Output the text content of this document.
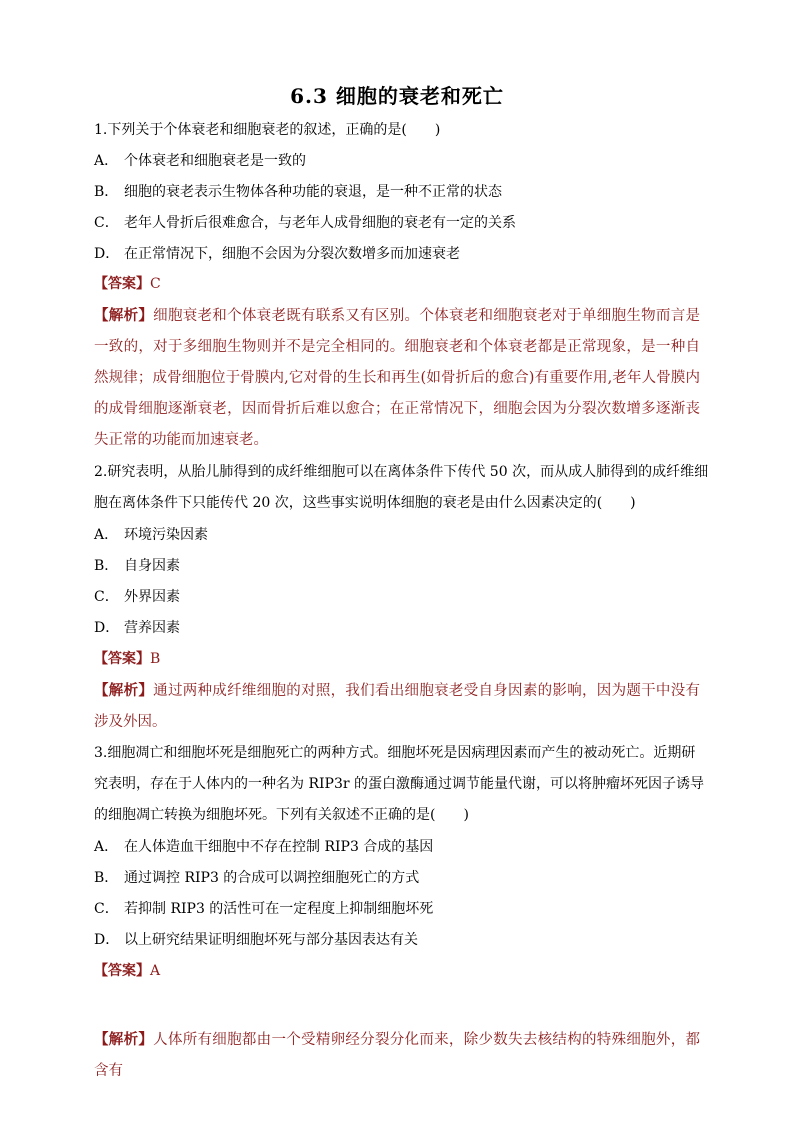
6.3 细胞的衰老和死亡
1.下列关于个体衰老和细胞衰老的叙述，正确的是(　　)
A． 个体衰老和细胞衰老是一致的
B． 细胞的衰老表示生物体各种功能的衰退，是一种不正常的状态
C． 老年人骨折后很难愈合，与老年人成骨细胞的衰老有一定的关系
D． 在正常情况下，细胞不会因为分裂次数增多而加速衰老
【答案】C
【解析】细胞衰老和个体衰老既有联系又有区别。个体衰老和细胞衰老对于单细胞生物而言是一致的，对于多细胞生物则并不是完全相同的。细胞衰老和个体衰老都是正常现象，是一种自然规律；成骨细胞位于骨膜内,它对骨的生长和再生(如骨折后的愈合)有重要作用,老年人骨膜内的成骨细胞逐渐衰老，因而骨折后难以愈合；在正常情况下，细胞会因为分裂次数增多逐渐丧失正常的功能而加速衰老。
2.研究表明，从胎儿肺得到的成纤维细胞可以在离体条件下传代 50 次，而从成人肺得到的成纤维细
胞在离体条件下只能传代 20 次，这些事实说明体细胞的衰老是由什么因素决定的(　　)
A． 环境污染因素
B． 自身因素
C． 外界因素
D． 营养因素
【答案】B
【解析】通过两种成纤维细胞的对照，我们看出细胞衰老受自身因素的影响，因为题干中没有涉及外因。
3.细胞凋亡和细胞坏死是细胞死亡的两种方式。细胞坏死是因病理因素而产生的被动死亡。近期研
究表明，存在于人体内的一种名为 RIP3r 的蛋白激酶通过调节能量代谢，可以将肿瘤坏死因子诱导
的细胞凋亡转换为细胞坏死。下列有关叙述不正确的是(　　)
A． 在人体造血干细胞中不存在控制 RIP3 合成的基因
B． 通过调控 RIP3 的合成可以调控细胞死亡的方式
C． 若抑制 RIP3 的活性可在一定程度上抑制细胞坏死
D． 以上研究结果证明细胞坏死与部分基因表达有关
【答案】A
【解析】人体所有细胞都由一个受精卵经分裂分化而来，除少数失去核结构的特殊细胞外，都含有
